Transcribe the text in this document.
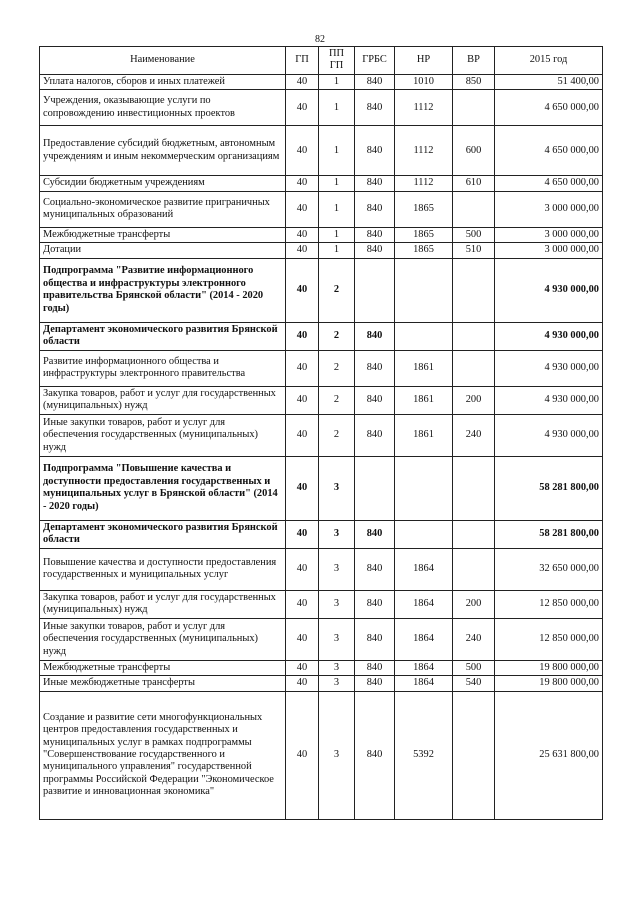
82
Наименование	ГП	ПП ГП	ГРБС	НР	ВР	2015 год
Уплата налогов, сборов и иных платежей	40	1	840	1010	850	51 400,00
Учреждения, оказывающие услуги по сопровождению инвестиционных проектов	40	1	840	1112		4 650 000,00
Предоставление субсидий бюджетным, автономным учреждениям и иным некоммерческим организациям	40	1	840	1112	600	4 650 000,00
Субсидии бюджетным учреждениям	40	1	840	1112	610	4 650 000,00
Социально-экономическое развитие приграничных муниципальных образований	40	1	840	1865		3 000 000,00
Межбюджетные трансферты	40	1	840	1865	500	3 000 000,00
Дотации	40	1	840	1865	510	3 000 000,00
Подпрограмма "Развитие информационного общества и инфраструктуры электронного правительства Брянской области" (2014 - 2020 годы)	40	2				4 930 000,00
Департамент экономического развития Брянской области	40	2	840			4 930 000,00
Развитие информационного общества и инфраструктуры электронного правительства	40	2	840	1861		4 930 000,00
Закупка товаров, работ и услуг для государственных (муниципальных) нужд	40	2	840	1861	200	4 930 000,00
Иные закупки товаров, работ и услуг для обеспечения государственных (муниципальных) нужд	40	2	840	1861	240	4 930 000,00
Подпрограмма "Повышение качества и доступности предоставления государственных и муниципальных услуг в Брянской области" (2014 - 2020 годы)	40	3				58 281 800,00
Департамент экономического развития Брянской области	40	3	840			58 281 800,00
Повышение качества и доступности предоставления государственных и муниципальных услуг	40	3	840	1864		32 650 000,00
Закупка товаров, работ и услуг для государственных (муниципальных) нужд	40	3	840	1864	200	12 850 000,00
Иные закупки товаров, работ и услуг для обеспечения государственных (муниципальных) нужд	40	3	840	1864	240	12 850 000,00
Межбюджетные трансферты	40	3	840	1864	500	19 800 000,00
Иные межбюджетные трансферты	40	3	840	1864	540	19 800 000,00
Создание и развитие сети многофункциональных центров предоставления государственных и муниципальных услуг в рамках подпрограммы "Совершенствование государственного и муниципального управления" государственной программы Российской Федерации "Экономическое развитие и инновационная экономика"	40	3	840	5392		25 631 800,00
